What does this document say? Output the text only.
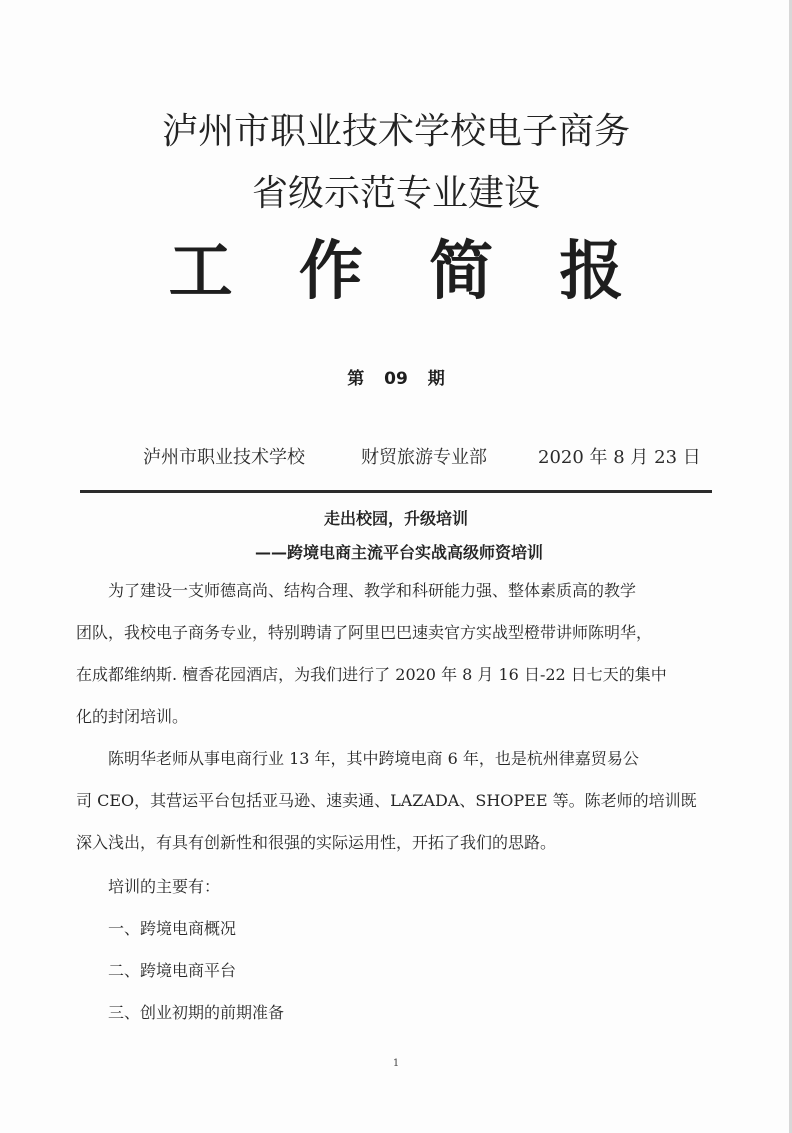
泸州市职业技术学校电子商务
省级示范专业建设
工 作 简 报
第 09 期
泸州市职业技术学校	财贸旅游专业部	2020 年 8 月 23 日
走出校园，升级培训
——跨境电商主流平台实战高级师资培训
为了建设一支师德高尚、结构合理、教学和科研能力强、整体素质高的教学
团队，我校电子商务专业，特别聘请了阿里巴巴速卖官方实战型橙带讲师陈明华，
在成都维纳斯. 檀香花园酒店，为我们进行了 2020 年 8 月 16 日-22 日七天的集中
化的封闭培训。
陈明华老师从事电商行业 13 年，其中跨境电商 6 年，也是杭州律嘉贸易公
司 CEO，其营运平台包括亚马逊、速卖通、LAZADA、SHOPEE 等。陈老师的培训既
深入浅出，有具有创新性和很强的实际运用性，开拓了我们的思路。
培训的主要有：
一、跨境电商概况
二、跨境电商平台
三、创业初期的前期准备
1
